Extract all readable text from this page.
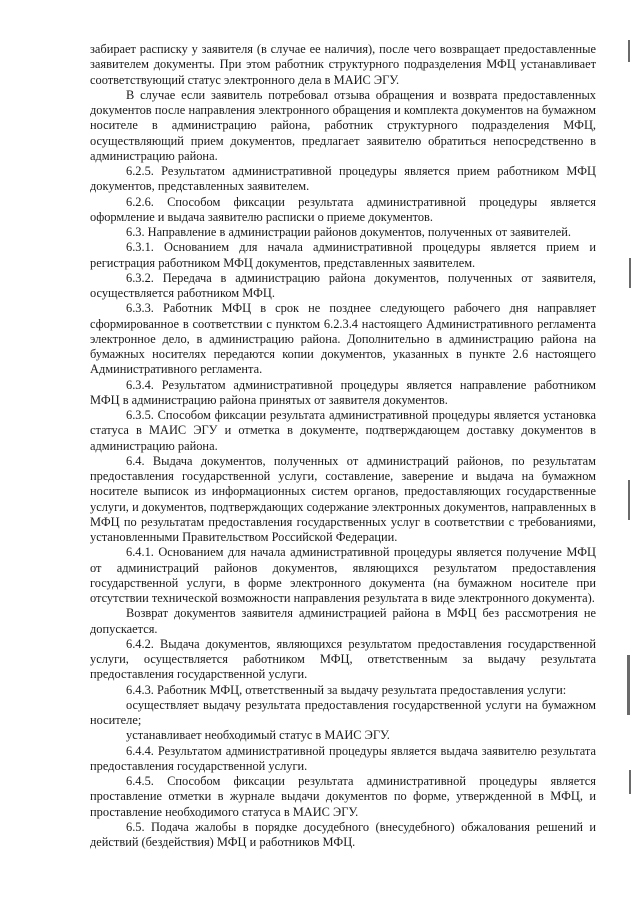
забирает расписку у заявителя (в случае ее наличия), после чего возвращает предоставленные заявителем документы. При этом работник структурного подразделения МФЦ устанавливает соответствующий статус электронного дела в МАИС ЭГУ.

В случае если заявитель потребовал отзыва обращения и возврата предоставленных документов после направления электронного обращения и комплекта документов на бумажном носителе в администрацию района, работник структурного подразделения МФЦ, осуществляющий прием документов, предлагает заявителю обратиться непосредственно в администрацию района.

6.2.5. Результатом административной процедуры является прием работником МФЦ документов, представленных заявителем.

6.2.6. Способом фиксации результата административной процедуры является оформление и выдача заявителю расписки о приеме документов.

6.3. Направление в администрации районов документов, полученных от заявителей.

6.3.1. Основанием для начала административной процедуры является прием и регистрация работником МФЦ документов, представленных заявителем.

6.3.2. Передача в администрацию района документов, полученных от заявителя, осуществляется работником МФЦ.

6.3.3. Работник МФЦ в срок не позднее следующего рабочего дня направляет сформированное в соответствии с пунктом 6.2.3.4 настоящего Административного регламента электронное дело, в администрацию района. Дополнительно в администрацию района на бумажных носителях передаются копии документов, указанных в пункте 2.6 настоящего Административного регламента.

6.3.4. Результатом административной процедуры является направление работником МФЦ в администрацию района принятых от заявителя документов.

6.3.5. Способом фиксации результата административной процедуры является установка статуса в МАИС ЭГУ и отметка в документе, подтверждающем доставку документов в администрацию района.

6.4. Выдача документов, полученных от администраций районов, по результатам предоставления государственной услуги, составление, заверение и выдача на бумажном носителе выписок из информационных систем органов, предоставляющих государственные услуги, и документов, подтверждающих содержание электронных документов, направленных в МФЦ по результатам предоставления государственных услуг в соответствии с требованиями, установленными Правительством Российской Федерации.

6.4.1. Основанием для начала административной процедуры является получение МФЦ от администраций районов документов, являющихся результатом предоставления государственной услуги, в форме электронного документа (на бумажном носителе при отсутствии технической возможности направления результата в виде электронного документа).

Возврат документов заявителя администрацией района в МФЦ без рассмотрения не допускается.

6.4.2. Выдача документов, являющихся результатом предоставления государственной услуги, осуществляется работником МФЦ, ответственным за выдачу результата предоставления государственной услуги.

6.4.3. Работник МФЦ, ответственный за выдачу результата предоставления услуги:

осуществляет выдачу результата предоставления государственной услуги на бумажном носителе;

устанавливает необходимый статус в МАИС ЭГУ.

6.4.4. Результатом административной процедуры является выдача заявителю результата предоставления государственной услуги.

6.4.5. Способом фиксации результата административной процедуры является проставление отметки в журнале выдачи документов по форме, утвержденной в МФЦ, и проставление необходимого статуса в МАИС ЭГУ.

6.5. Подача жалобы в порядке досудебного (внесудебного) обжалования решений и действий (бездействия) МФЦ и работников МФЦ.
